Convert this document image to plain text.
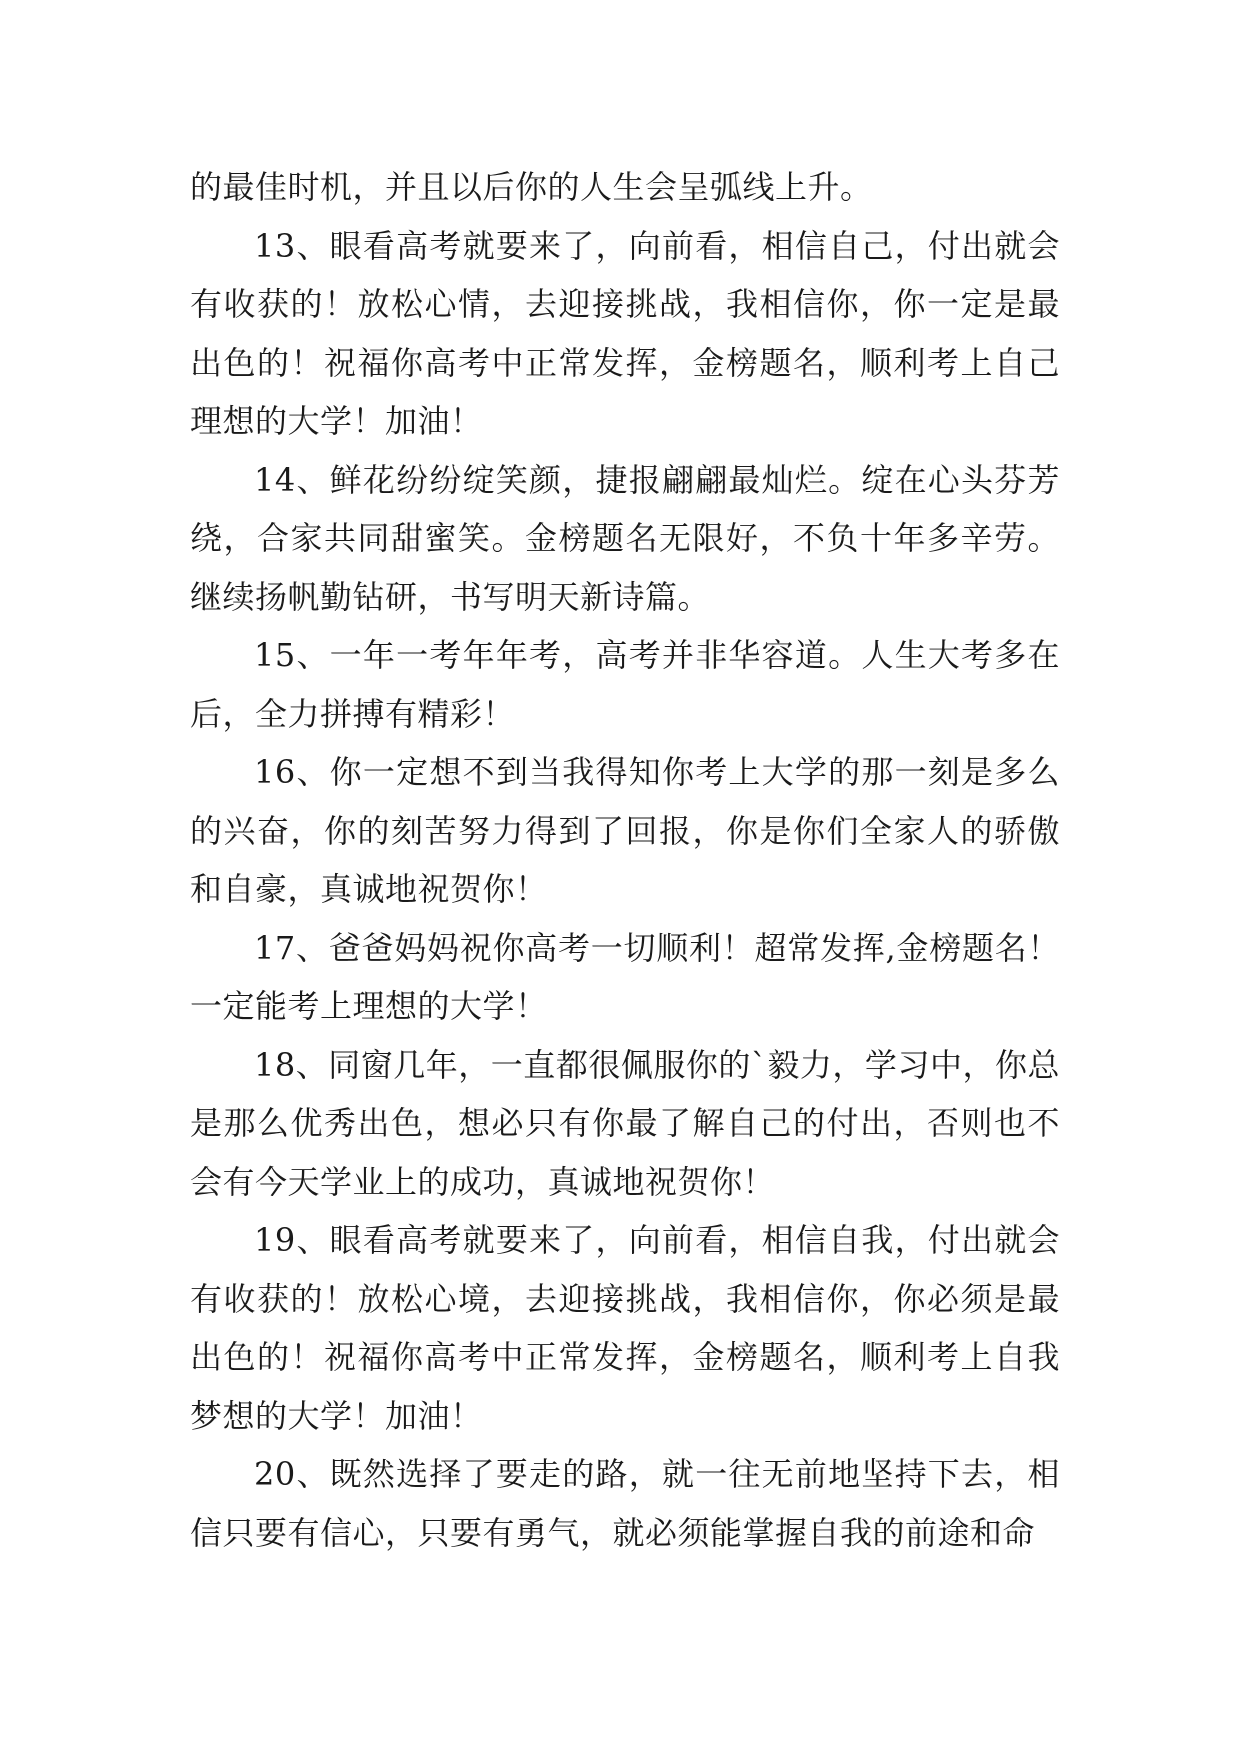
的最佳时机，并且以后你的人生会呈弧线上升。

13、眼看高考就要来了，向前看，相信自己，付出就会有收获的！放松心情，去迎接挑战，我相信你，你一定是最出色的！祝福你高考中正常发挥，金榜题名，顺利考上自己理想的大学！加油！

14、鲜花纷纷绽笑颜，捷报翩翩最灿烂。绽在心头芬芳绕，合家共同甜蜜笑。金榜题名无限好，不负十年多辛劳。继续扬帆勤钻研，书写明天新诗篇。

15、一年一考年年考，高考并非华容道。人生大考多在后，全力拼搏有精彩！

16、你一定想不到当我得知你考上大学的那一刻是多么的兴奋，你的刻苦努力得到了回报，你是你们全家人的骄傲和自豪，真诚地祝贺你！

17、爸爸妈妈祝你高考一切顺利！超常发挥,金榜题名！一定能考上理想的大学！

18、同窗几年，一直都很佩服你的`毅力，学习中，你总是那么优秀出色，想必只有你最了解自己的付出，否则也不会有今天学业上的成功，真诚地祝贺你！

19、眼看高考就要来了，向前看，相信自我，付出就会有收获的！放松心境，去迎接挑战，我相信你，你必须是最出色的！祝福你高考中正常发挥，金榜题名，顺利考上自我梦想的大学！加油！

20、既然选择了要走的路，就一往无前地坚持下去，相信只要有信心，只要有勇气，就必须能掌握自我的前途和命
